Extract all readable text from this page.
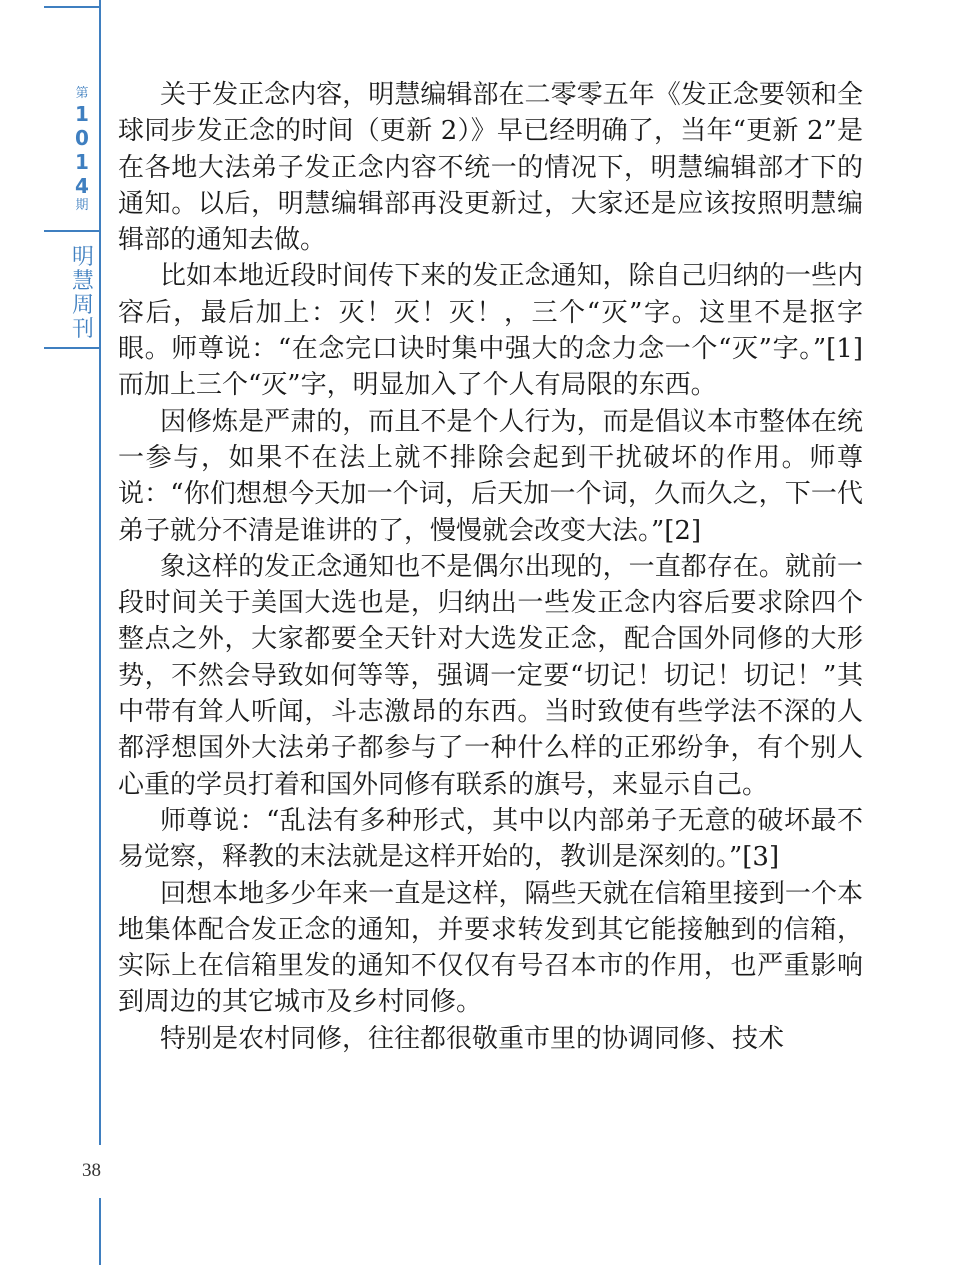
第
1
0
1
4
期
明
慧
周
刊
38

关于发正念内容，明慧编辑部在二零零五年《发正念要领和全球同步发正念的时间（更新 2）》早已经明确了，当年“更新 2”是在各地大法弟子发正念内容不统一的情况下，明慧编辑部才下的通知。以后，明慧编辑部再没更新过，大家还是应该按照明慧编辑部的通知去做。

比如本地近段时间传下来的发正念通知，除自己归纳的一些内容后，最后加上：灭！灭！灭！，三个“灭”字。这里不是抠字眼。师尊说：“在念完口诀时集中强大的念力念一个“灭”字。”[1] 而加上三个“灭”字，明显加入了个人有局限的东西。

因修炼是严肃的，而且不是个人行为，而是倡议本市整体在统一参与，如果不在法上就不排除会起到干扰破坏的作用。师尊说：“你们想想今天加一个词，后天加一个词，久而久之，下一代弟子就分不清是谁讲的了，慢慢就会改变大法。”[2]

象这样的发正念通知也不是偶尔出现的，一直都存在。就前一段时间关于美国大选也是，归纳出一些发正念内容后要求除四个整点之外，大家都要全天针对大选发正念，配合国外同修的大形势，不然会导致如何等等，强调一定要“切记！切记！切记！”其中带有耸人听闻，斗志激昂的东西。当时致使有些学法不深的人都浮想国外大法弟子都参与了一种什么样的正邪纷争，有个别人心重的学员打着和国外同修有联系的旗号，来显示自己。

师尊说：“乱法有多种形式，其中以内部弟子无意的破坏最不易觉察，释教的末法就是这样开始的，教训是深刻的。”[3]

回想本地多少年来一直是这样，隔些天就在信箱里接到一个本地集体配合发正念的通知，并要求转发到其它能接触到的信箱，实际上在信箱里发的通知不仅仅有号召本市的作用，也严重影响到周边的其它城市及乡村同修。

特别是农村同修，往往都很敬重市里的协调同修、技术
